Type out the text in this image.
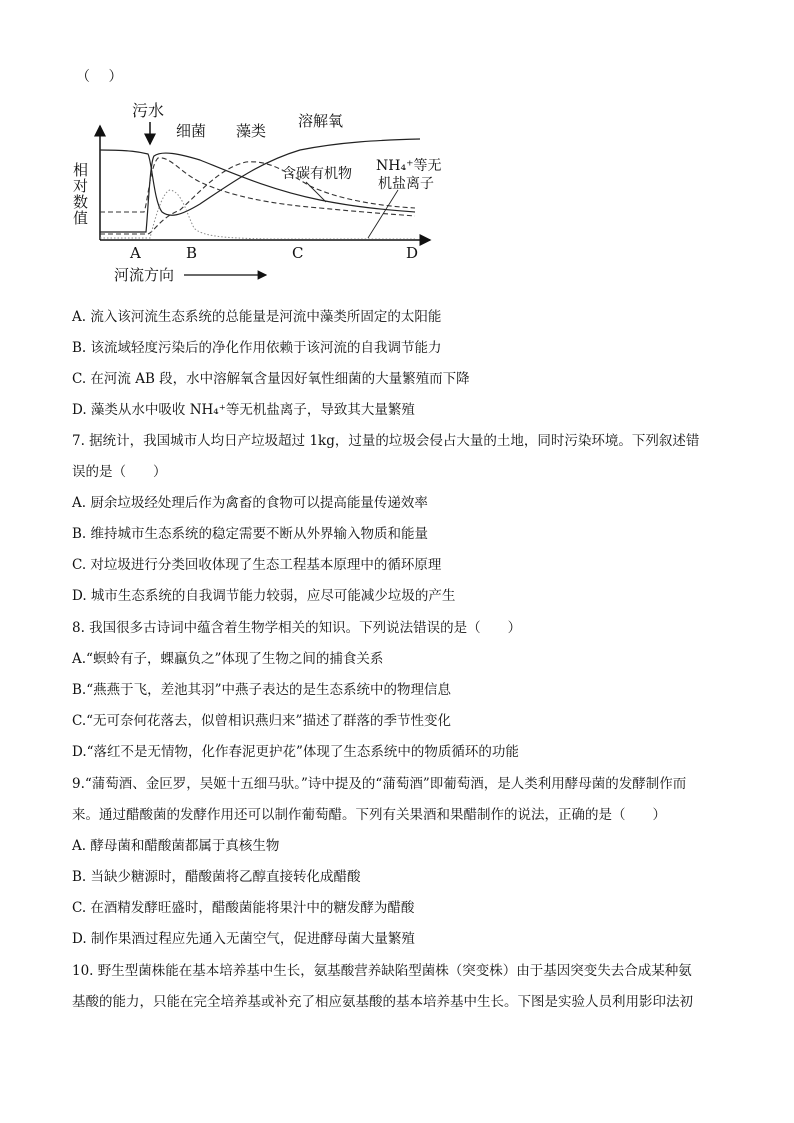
（　 ）
相对数值
污水
细菌 藻类
溶解氧
NH₄⁺等无
机盐离子
含碳有机物
A	B	C	D
河流方向
A. 流入该河流生态系统的总能量是河流中藻类所固定的太阳能
B. 该流域轻度污染后的净化作用依赖于该河流的自我调节能力
C. 在河流 AB 段，水中溶解氧含量因好氧性细菌的大量繁殖而下降
D. 藻类从水中吸收 NH₄⁺等无机盐离子，导致其大量繁殖
7. 据统计，我国城市人均日产垃圾超过 1kg，过量的垃圾会侵占大量的土地，同时污染环境。下列叙述错
误的是（　　）
A. 厨余垃圾经处理后作为禽畜的食物可以提高能量传递效率
B. 维持城市生态系统的稳定需要不断从外界输入物质和能量
C. 对垃圾进行分类回收体现了生态工程基本原理中的循环原理
D. 城市生态系统的自我调节能力较弱，应尽可能减少垃圾的产生
8. 我国很多古诗词中蕴含着生物学相关的知识。下列说法错误的是（　　）
A.“螟蛉有子，蜾蠃负之”体现了生物之间的捕食关系
B.“燕燕于飞，差池其羽”中燕子表达的是生态系统中的物理信息
C.“无可奈何花落去，似曾相识燕归来”描述了群落的季节性变化
D.“落红不是无情物，化作春泥更护花”体现了生态系统中的物质循环的功能
9.“蒲萄酒、金叵罗，吴姬十五细马驮。”诗中提及的“蒲萄酒”即葡萄酒，是人类利用酵母菌的发酵制作而
来。通过醋酸菌的发酵作用还可以制作葡萄醋。下列有关果酒和果醋制作的说法，正确的是（　　）
A. 酵母菌和醋酸菌都属于真核生物
B. 当缺少糖源时，醋酸菌将乙醇直接转化成醋酸
C. 在酒精发酵旺盛时，醋酸菌能将果汁中的糖发酵为醋酸
D. 制作果酒过程应先通入无菌空气，促进酵母菌大量繁殖
10. 野生型菌株能在基本培养基中生长，氨基酸营养缺陷型菌株（突变株）由于基因突变失去合成某种氨
基酸的能力，只能在完全培养基或补充了相应氨基酸的基本培养基中生长。下图是实验人员利用影印法初
